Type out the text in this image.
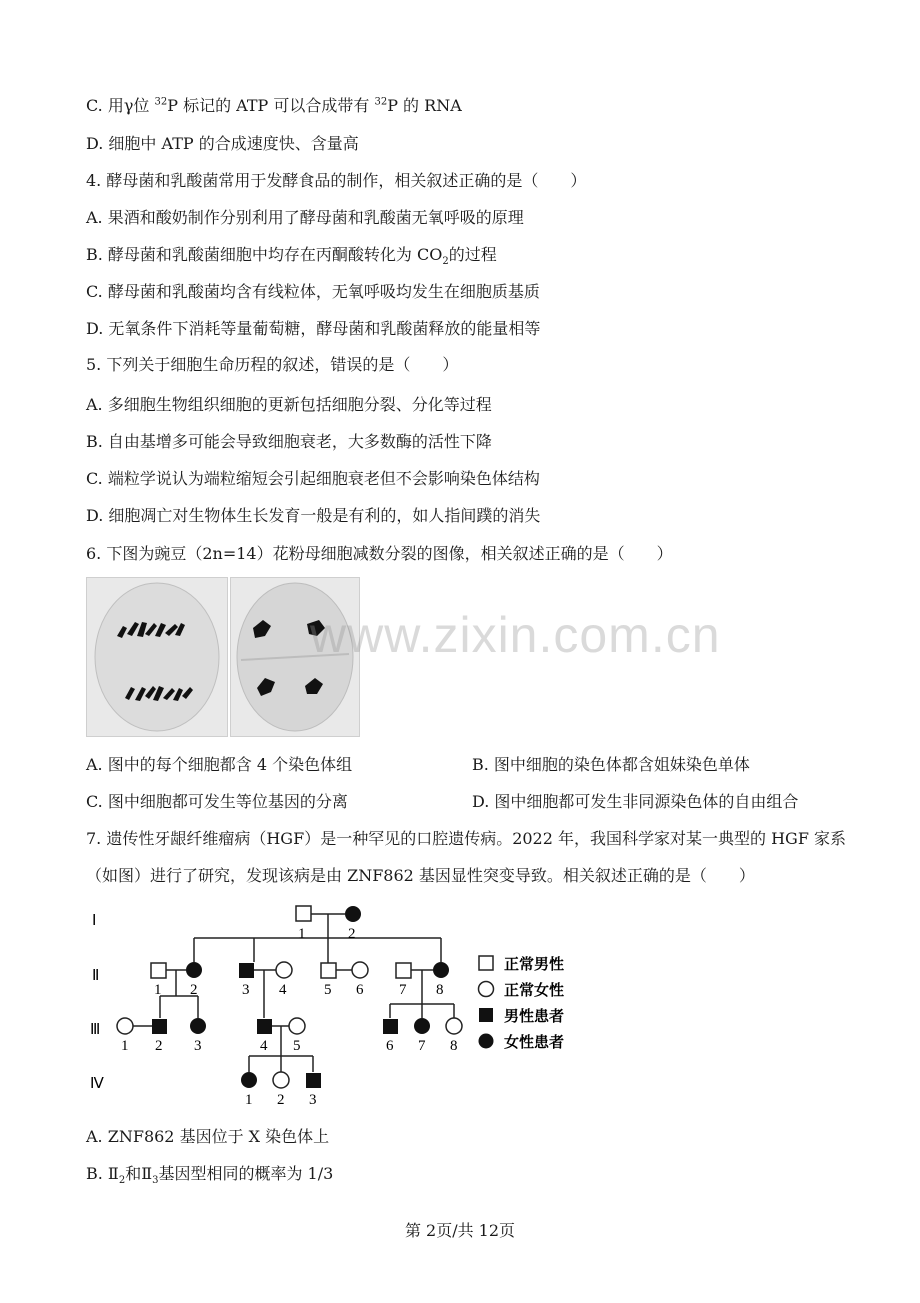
C. 用γ位 $^{32}$P 标记的 ATP 可以合成带有 $^{32}$P 的 RNA
D. 细胞中 ATP 的合成速度快、含量高
4. 酵母菌和乳酸菌常用于发酵食品的制作，相关叙述正确的是（　　）
A. 果酒和酸奶制作分别利用了酵母菌和乳酸菌无氧呼吸的原理
B. 酵母菌和乳酸菌细胞中均存在丙酮酸转化为 $CO_2$的过程
C. 酵母菌和乳酸菌均含有线粒体，无氧呼吸均发生在细胞质基质
D. 无氧条件下消耗等量葡萄糖，酵母菌和乳酸菌释放的能量相等
5. 下列关于细胞生命历程的叙述，错误的是（　　）
A. 多细胞生物组织细胞的更新包括细胞分裂、分化等过程
B. 自由基增多可能会导致细胞衰老，大多数酶的活性下降
C. 端粒学说认为端粒缩短会引起细胞衰老但不会影响染色体结构
D. 细胞凋亡对生物体生长发育一般是有利的，如人指间蹼的消失
6. 下图为豌豆（2n=14）花粉母细胞减数分裂的图像，相关叙述正确的是（　　）
www.zixin.com.cn
A. 图中的每个细胞都含 4 个染色体组	B. 图中细胞的染色体都含姐妹染色单体
C. 图中细胞都可发生等位基因的分离	D. 图中细胞都可发生非同源染色体的自由组合
7. 遗传性牙龈纤维瘤病（HGF）是一种罕见的口腔遗传病。2022 年，我国科学家对某一典型的 HGF 家系
（如图）进行了研究，发现该病是由 ZNF862 基因显性突变导致。相关叙述正确的是（　　）
Ⅰ
Ⅱ
Ⅲ
Ⅳ
1	2
1 2	3 4	5 6 7 8
1 2 3	4 5	6 7 8
1 2 3
正常男性
正常女性
男性患者
女性患者
A. ZNF862 基因位于 X 染色体上
B. $Ⅱ_2$和$Ⅱ_3$基因型相同的概率为 1/3
第 2页/共 12页
